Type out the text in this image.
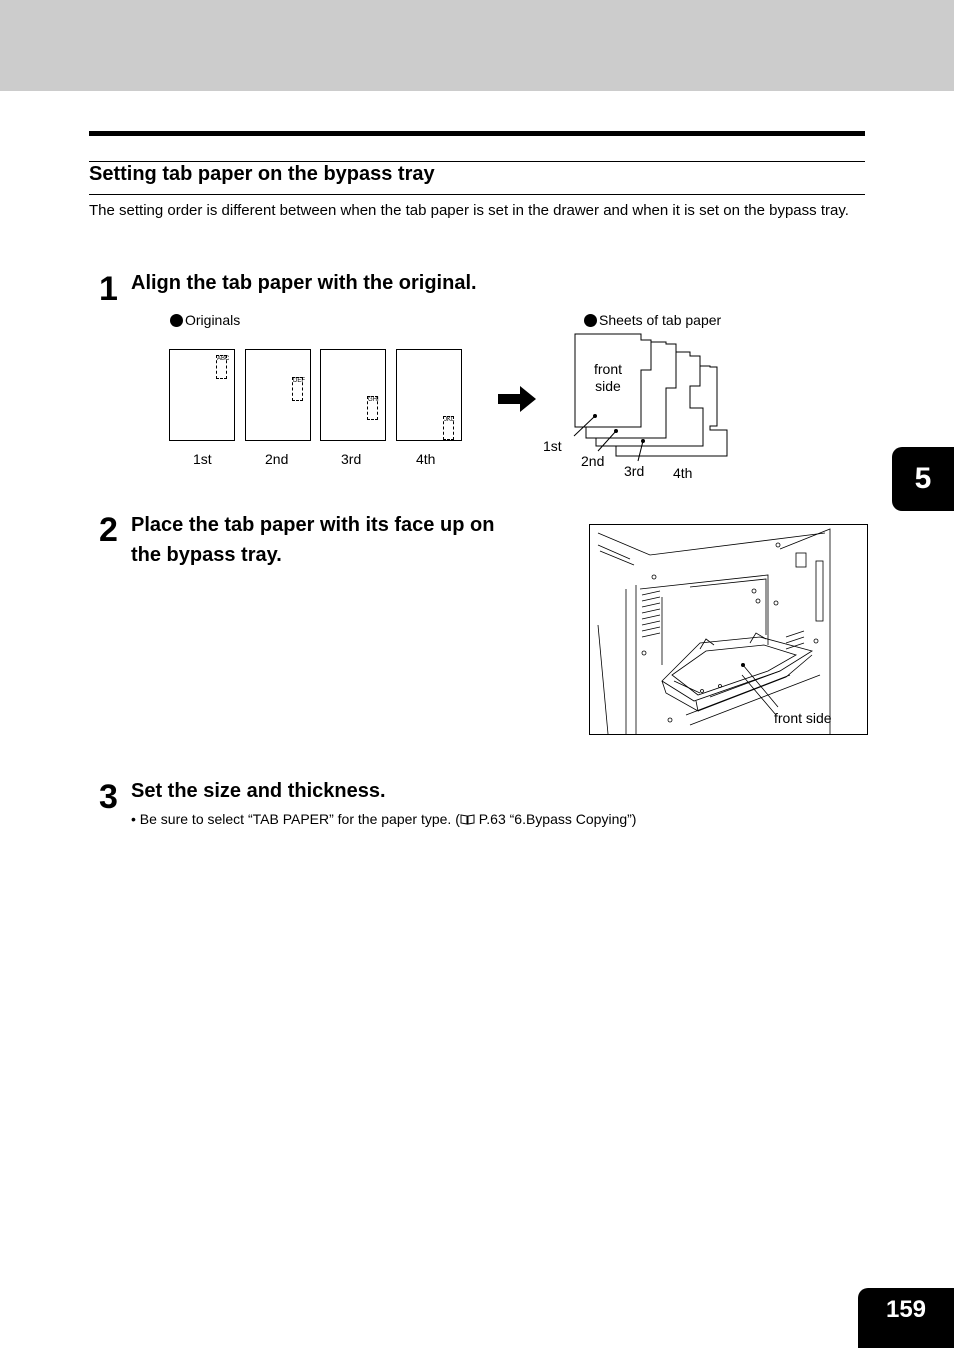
Setting tab paper on the bypass tray
The setting order is different between when the tab paper is set in the drawer and when it is set on the bypass tray.
1 Align the tab paper with the original.
Originals
ABC
DEF
GHI
JKL
1st	2nd	3rd	4th
Sheets of tab paper
front
side
1st
2nd
3rd 4th
2 Place the tab paper with its face up on
the bypass tray.
front side
3 Set the size and thickness.
• Be sure to select “TAB PAPER” for the paper type. ( P.63 “6.Bypass Copying”)
5
159
